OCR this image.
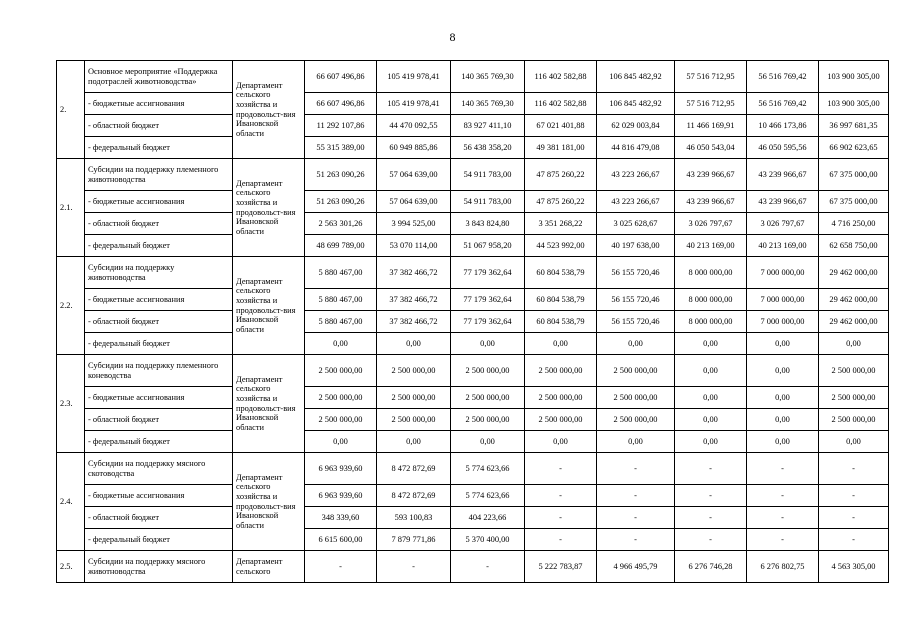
8
2.	Основное мероприятие «Поддержка подотраслей животноводства»	Департамент сельского хозяйства и продовольст-вия Ивановской области	66 607 496,86	105 419 978,41	140 365 769,30	116 402 582,88	106 845 482,92	57 516 712,95	56 516 769,42	103 900 305,00
	- бюджетные ассигнования		66 607 496,86	105 419 978,41	140 365 769,30	116 402 582,88	106 845 482,92	57 516 712,95	56 516 769,42	103 900 305,00
	- областной бюджет		11 292 107,86	44 470 092,55	83 927 411,10	67 021 401,88	62 029 003,84	11 466 169,91	10 466 173,86	36 997 681,35
	- федеральный бюджет		55 315 389,00	60 949 885,86	56 438 358,20	49 381 181,00	44 816 479,08	46 050 543,04	46 050 595,56	66 902 623,65
2.1.	Субсидии на поддержку племенного животноводства	Департамент сельского хозяйства и продовольст-вия Ивановской области	51 263 090,26	57 064 639,00	54 911 783,00	47 875 260,22	43 223 266,67	43 239 966,67	43 239 966,67	67 375 000,00
	- бюджетные ассигнования		51 263 090,26	57 064 639,00	54 911 783,00	47 875 260,22	43 223 266,67	43 239 966,67	43 239 966,67	67 375 000,00
	- областной бюджет		2 563 301,26	3 994 525,00	3 843 824,80	3 351 268,22	3 025 628,67	3 026 797,67	3 026 797,67	4 716 250,00
	- федеральный бюджет		48 699 789,00	53 070 114,00	51 067 958,20	44 523 992,00	40 197 638,00	40 213 169,00	40 213 169,00	62 658 750,00
2.2.	Субсидии на поддержку животноводства	Департамент сельского хозяйства и продовольст-вия Ивановской области	5 880 467,00	37 382 466,72	77 179 362,64	60 804 538,79	56 155 720,46	8 000 000,00	7 000 000,00	29 462 000,00
	- бюджетные ассигнования		5 880 467,00	37 382 466,72	77 179 362,64	60 804 538,79	56 155 720,46	8 000 000,00	7 000 000,00	29 462 000,00
	- областной бюджет		5 880 467,00	37 382 466,72	77 179 362,64	60 804 538,79	56 155 720,46	8 000 000,00	7 000 000,00	29 462 000,00
	- федеральный бюджет		0,00	0,00	0,00	0,00	0,00	0,00	0,00	0,00
2.3.	Субсидии на поддержку племенного коневодства	Департамент сельского хозяйства и продовольст-вия Ивановской области	2 500 000,00	2 500 000,00	2 500 000,00	2 500 000,00	2 500 000,00	0,00	0,00	2 500 000,00
	- бюджетные ассигнования		2 500 000,00	2 500 000,00	2 500 000,00	2 500 000,00	2 500 000,00	0,00	0,00	2 500 000,00
	- областной бюджет		2 500 000,00	2 500 000,00	2 500 000,00	2 500 000,00	2 500 000,00	0,00	0,00	2 500 000,00
	- федеральный бюджет		0,00	0,00	0,00	0,00	0,00	0,00	0,00	0,00
2.4.	Субсидии на поддержку мясного скотоводства	Департамент сельского хозяйства и продовольст-вия Ивановской области	6 963 939,60	8 472 872,69	5 774 623,66	-	-	-	-	-
	- бюджетные ассигнования		6 963 939,60	8 472 872,69	5 774 623,66	-	-	-	-	-
	- областной бюджет		348 339,60	593 100,83	404 223,66	-	-	-	-	-
	- федеральный бюджет		6 615 600,00	7 879 771,86	5 370 400,00	-	-	-	-	-
2.5.	Субсидии на поддержку мясного животноводства	Департамент сельского	-	-	-	5 222 783,87	4 966 495,79	6 276 746,28	6 276 802,75	4 563 305,00
